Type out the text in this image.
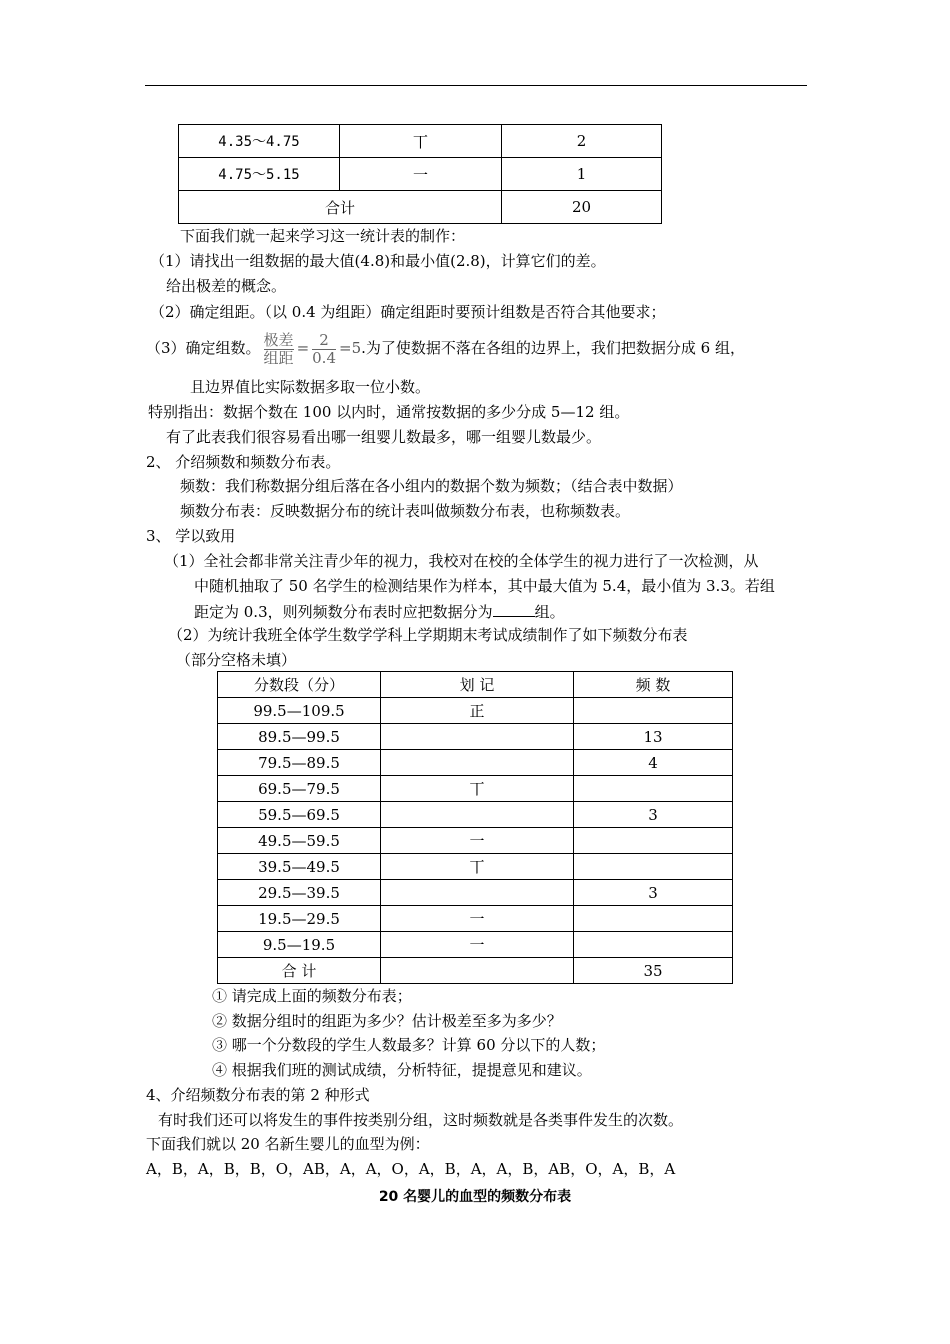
4.35～4.75	丅	2
4.75～5.15	一	1
合计		20
下面我们就一起来学习这一统计表的制作：
（1）请找出一组数据的最大值(4.8)和最小值(2.8)，计算它们的差。
给出极差的概念。
（2）确定组距。（以 0.4 为组距）确定组距时要预计组数是否符合其他要求；
（3）确定组数。 $\frac{\text{极差}}{\text{组距}} = \frac{2}{0.4} =5$.为了使数据不落在各组的边界上，我们把数据分成 6 组，
且边界值比实际数据多取一位小数。
特别指出：数据个数在 100 以内时，通常按数据的多少分成 5—12 组。
有了此表我们很容易看出哪一组婴儿数最多，哪一组婴儿数最少。
2、 介绍频数和频数分布表。
频数：我们称数据分组后落在各小组内的数据个数为频数；（结合表中数据）
频数分布表：反映数据分布的统计表叫做频数分布表，也称频数表。
3、 学以致用
（1）全社会都非常关注青少年的视力，我校对在校的全体学生的视力进行了一次检测，从
中随机抽取了 50 名学生的检测结果作为样本，其中最大值为 5.4，最小值为 3.3。若组
距定为 0.3，则列频数分布表时应把数据分为	组。
（2）为统计我班全体学生数学学科上学期期末考试成绩制作了如下频数分布表
（部分空格未填）
分数段（分）	划 记	频 数
99.5—109.5	正	
89.5—99.5		13
79.5—89.5		4
69.5—79.5	丅	
59.5—69.5		3
49.5—59.5	一	
39.5—49.5	丅	
29.5—39.5		3
19.5—29.5	一	
9.5—19.5	一	
合 计		35
① 请完成上面的频数分布表；
② 数据分组时的组距为多少？估计极差至多为多少？
③ 哪一个分数段的学生人数最多？计算 60 分以下的人数；
④ 根据我们班的测试成绩，分析特征，提提意见和建议。
4、介绍频数分布表的第 2 种形式
有时我们还可以将发生的事件按类别分组，这时频数就是各类事件发生的次数。
下面我们就以 20 名新生婴儿的血型为例：
A，B，A，B，B，O，AB，A，A，O，A，B，A，A，B，AB，O，A，B，A
20 名婴儿的血型的频数分布表
